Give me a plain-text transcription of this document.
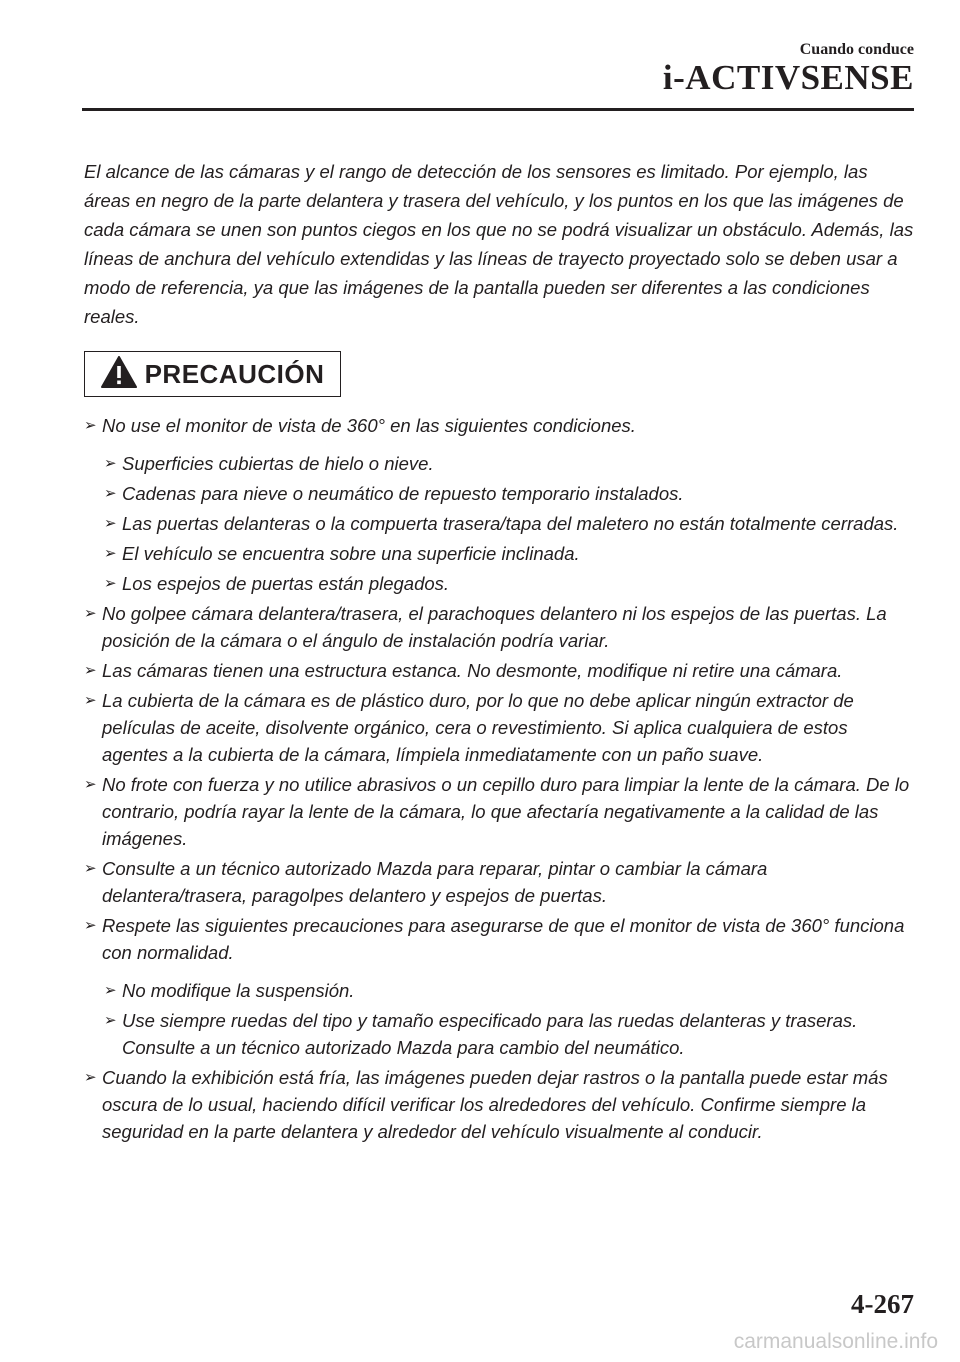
Cuando conduce
i-ACTIVSENSE

El alcance de las cámaras y el rango de detección de los sensores es limitado. Por ejemplo, las áreas en negro de la parte delantera y trasera del vehículo, y los puntos en los que las imágenes de cada cámara se unen son puntos ciegos en los que no se podrá visualizar un obstáculo. Además, las líneas de anchura del vehículo extendidas y las líneas de trayecto proyectado solo se deben usar a modo de referencia, ya que las imágenes de la pantalla pueden ser diferentes a las condiciones reales.

PRECAUCIÓN
➢ No use el monitor de vista de 360° en las siguientes condiciones.
➢ Superficies cubiertas de hielo o nieve.
➢ Cadenas para nieve o neumático de repuesto temporario instalados.
➢ Las puertas delanteras o la compuerta trasera/tapa del maletero no están totalmente cerradas.
➢ El vehículo se encuentra sobre una superficie inclinada.
➢ Los espejos de puertas están plegados.
➢ No golpee cámara delantera/trasera, el parachoques delantero ni los espejos de las puertas. La posición de la cámara o el ángulo de instalación podría variar.
➢ Las cámaras tienen una estructura estanca. No desmonte, modifique ni retire una cámara.
➢ La cubierta de la cámara es de plástico duro, por lo que no debe aplicar ningún extractor de películas de aceite, disolvente orgánico, cera o revestimiento. Si aplica cualquiera de estos agentes a la cubierta de la cámara, límpiela inmediatamente con un paño suave.
➢ No frote con fuerza y no utilice abrasivos o un cepillo duro para limpiar la lente de la cámara. De lo contrario, podría rayar la lente de la cámara, lo que afectaría negativamente a la calidad de las imágenes.
➢ Consulte a un técnico autorizado Mazda para reparar, pintar o cambiar la cámara delantera/trasera, paragolpes delantero y espejos de puertas.
➢ Respete las siguientes precauciones para asegurarse de que el monitor de vista de 360° funciona con normalidad.
➢ No modifique la suspensión.
➢ Use siempre ruedas del tipo y tamaño especificado para las ruedas delanteras y traseras. Consulte a un técnico autorizado Mazda para cambio del neumático.
➢ Cuando la exhibición está fría, las imágenes pueden dejar rastros o la pantalla puede estar más oscura de lo usual, haciendo difícil verificar los alrededores del vehículo. Confirme siempre la seguridad en la parte delantera y alrededor del vehículo visualmente al conducir.
4-267
carmanualsonline.info
